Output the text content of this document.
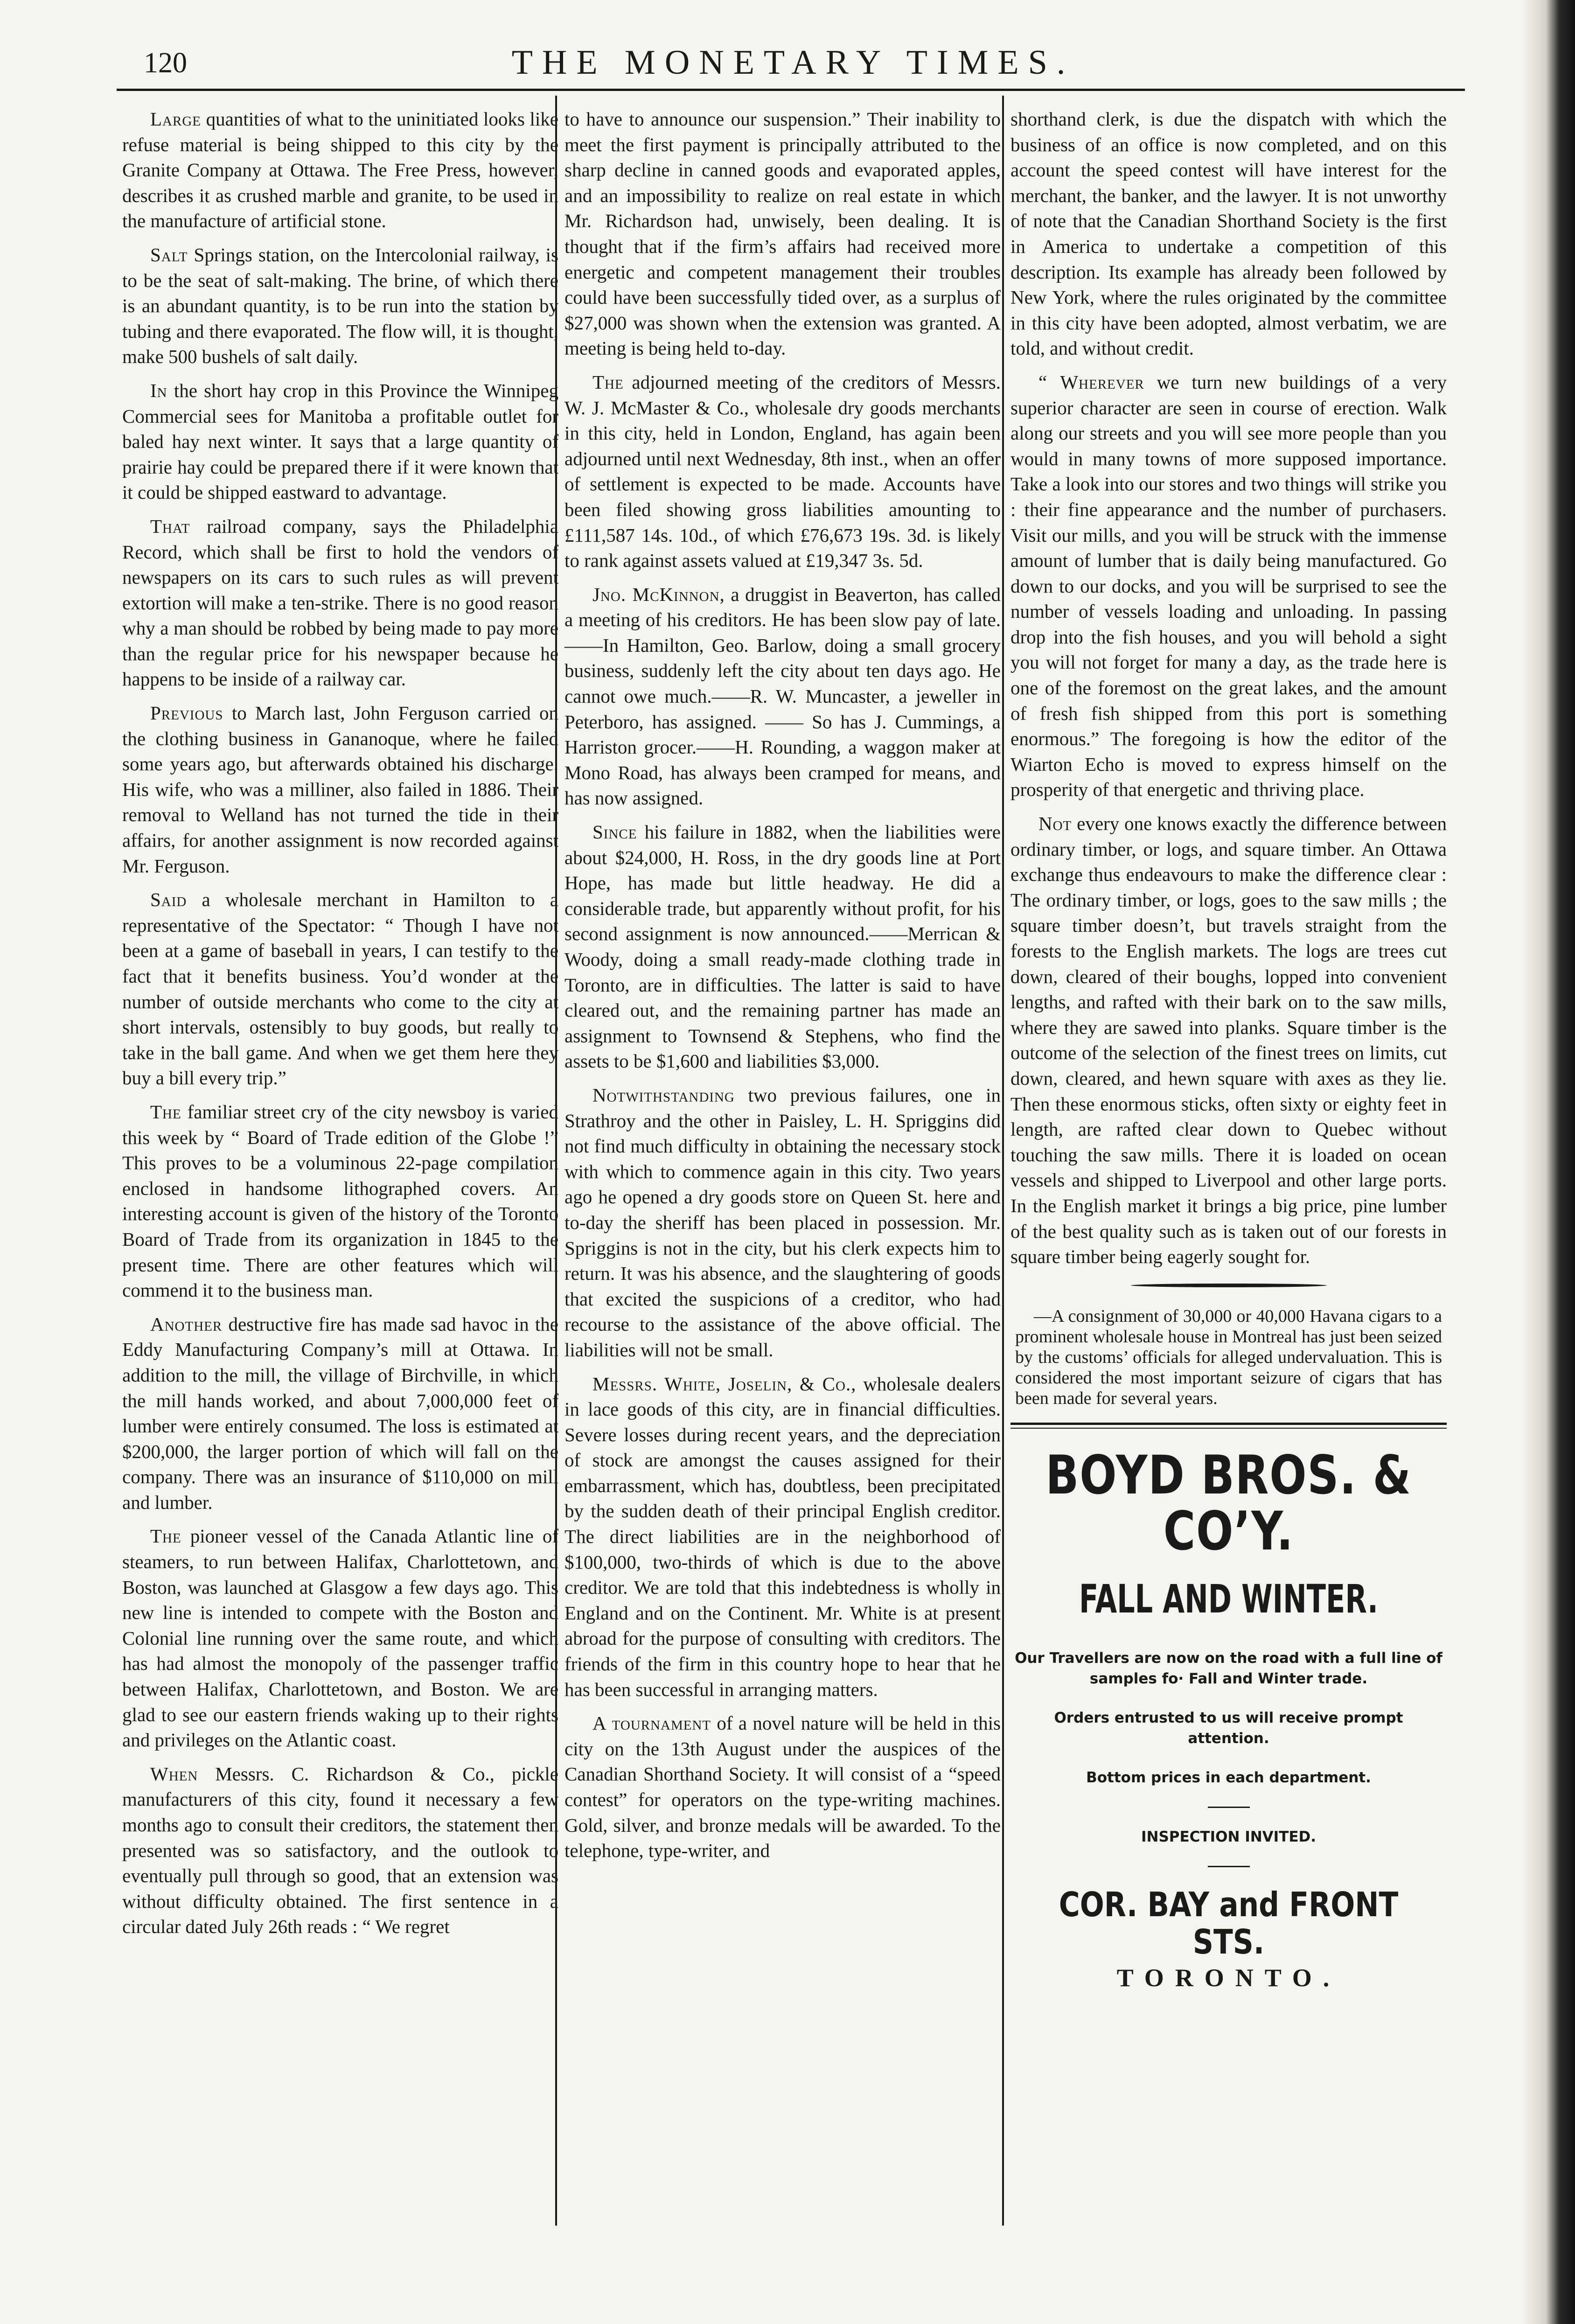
120	THE MONETARY TIMES.

Large quantities of what to the uninitiated looks like refuse material is being shipped to this city by the Granite Company at Ottawa. The Free Press, however, describes it as crushed marble and granite, to be used in the manufacture of artificial stone.

Salt Springs station, on the Intercolonial railway, is to be the seat of salt-making. The brine, of which there is an abundant quantity, is to be run into the station by tubing and there evaporated. The flow will, it is thought, make 500 bushels of salt daily.

In the short hay crop in this Province the Winnipeg Commercial sees for Manitoba a profitable outlet for baled hay next winter. It says that a large quantity of prairie hay could be prepared there if it were known that it could be shipped eastward to advantage.

That railroad company, says the Philadelphia Record, which shall be first to hold the vendors of newspapers on its cars to such rules as will prevent extortion will make a ten-strike. There is no good reason why a man should be robbed by being made to pay more than the regular price for his newspaper because he happens to be inside of a railway car.

Previous to March last, John Ferguson carried on the clothing business in Gananoque, where he failed some years ago, but afterwards obtained his discharge. His wife, who was a milliner, also failed in 1886. Their removal to Welland has not turned the tide in their affairs, for another assignment is now recorded against Mr. Ferguson.

Said a wholesale merchant in Hamilton to a representative of the Spectator: “ Though I have not been at a game of baseball in years, I can testify to the fact that it benefits business. You’d wonder at the number of outside merchants who come to the city at short intervals, ostensibly to buy goods, but really to take in the ball game. And when we get them here they buy a bill every trip.”

The familiar street cry of the city newsboy is varied this week by “ Board of Trade edition of the Globe !” This proves to be a voluminous 22-page compilation enclosed in handsome lithographed covers. An interesting account is given of the history of the Toronto Board of Trade from its organization in 1845 to the present time. There are other features which will commend it to the business man.

Another destructive fire has made sad havoc in the Eddy Manufacturing Company’s mill at Ottawa. In addition to the mill, the village of Birchville, in which the mill hands worked, and about 7,000,000 feet of lumber were entirely consumed. The loss is estimated at $200,000, the larger portion of which will fall on the company. There was an insurance of $110,000 on mill and lumber.

The pioneer vessel of the Canada Atlantic line of steamers, to run between Halifax, Charlottetown, and Boston, was launched at Glasgow a few days ago. This new line is intended to compete with the Boston and Colonial line running over the same route, and which has had almost the monopoly of the passenger traffic between Halifax, Charlottetown, and Boston. We are glad to see our eastern friends waking up to their rights and privileges on the Atlantic coast.

When Messrs. C. Richardson & Co., pickle manufacturers of this city, found it necessary a few months ago to consult their creditors, the statement then presented was so satisfactory, and the outlook to eventually pull through so good, that an extension was without difficulty obtained. The first sentence in a circular dated July 26th reads : “ We regret

to have to announce our suspension.” Their inability to meet the first payment is principally attributed to the sharp decline in canned goods and evaporated apples, and an impossibility to realize on real estate in which Mr. Richardson had, unwisely, been dealing. It is thought that if the firm’s affairs had received more energetic and competent management their troubles could have been successfully tided over, as a surplus of $27,000 was shown when the extension was granted. A meeting is being held to-day.

The adjourned meeting of the creditors of Messrs. W. J. McMaster & Co., wholesale dry goods merchants in this city, held in London, England, has again been adjourned until next Wednesday, 8th inst., when an offer of settlement is expected to be made. Accounts have been filed showing gross liabilities amounting to £111,587 14s. 10d., of which £76,673 19s. 3d. is likely to rank against assets valued at £19,347 3s. 5d.

Jno. McKinnon, a druggist in Beaverton, has called a meeting of his creditors. He has been slow pay of late.——In Hamilton, Geo. Barlow, doing a small grocery business, suddenly left the city about ten days ago. He cannot owe much.——R. W. Muncaster, a jeweller in Peterboro, has assigned. —— So has J. Cummings, a Harriston grocer.——H. Rounding, a waggon maker at Mono Road, has always been cramped for means, and has now assigned.

Since his failure in 1882, when the liabilities were about $24,000, H. Ross, in the dry goods line at Port Hope, has made but little headway. He did a considerable trade, but apparently without profit, for his second assignment is now announced.——Merrican & Woody, doing a small ready-made clothing trade in Toronto, are in difficulties. The latter is said to have cleared out, and the remaining partner has made an assignment to Townsend & Stephens, who find the assets to be $1,600 and liabilities $3,000.

Notwithstanding two previous failures, one in Strathroy and the other in Paisley, L. H. Spriggins did not find much difficulty in obtaining the necessary stock with which to commence again in this city. Two years ago he opened a dry goods store on Queen St. here and to-day the sheriff has been placed in possession. Mr. Spriggins is not in the city, but his clerk expects him to return. It was his absence, and the slaughtering of goods that excited the suspicions of a creditor, who had recourse to the assistance of the above official. The liabilities will not be small.

Messrs. White, Joselin, & Co., wholesale dealers in lace goods of this city, are in financial difficulties. Severe losses during recent years, and the depreciation of stock are amongst the causes assigned for their embarrassment, which has, doubtless, been precipitated by the sudden death of their principal English creditor. The direct liabilities are in the neighborhood of $100,000, two-thirds of which is due to the above creditor. We are told that this indebtedness is wholly in England and on the Continent. Mr. White is at present abroad for the purpose of consulting with creditors. The friends of the firm in this country hope to hear that he has been successful in arranging matters.

A tournament of a novel nature will be held in this city on the 13th August under the auspices of the Canadian Shorthand Society. It will consist of a “speed contest” for operators on the type-writing machines. Gold, silver, and bronze medals will be awarded. To the telephone, type-writer, and

shorthand clerk, is due the dispatch with which the business of an office is now completed, and on this account the speed contest will have interest for the merchant, the banker, and the lawyer. It is not unworthy of note that the Canadian Shorthand Society is the first in America to undertake a competition of this description. Its example has already been followed by New York, where the rules originated by the committee in this city have been adopted, almost verbatim, we are told, and without credit.

“ Wherever we turn new buildings of a very superior character are seen in course of erection. Walk along our streets and you will see more people than you would in many towns of more supposed importance. Take a look into our stores and two things will strike you : their fine appearance and the number of purchasers. Visit our mills, and you will be struck with the immense amount of lumber that is daily being manufactured. Go down to our docks, and you will be surprised to see the number of vessels loading and unloading. In passing drop into the fish houses, and you will behold a sight you will not forget for many a day, as the trade here is one of the foremost on the great lakes, and the amount of fresh fish shipped from this port is something enormous.” The foregoing is how the editor of the Wiarton Echo is moved to express himself on the prosperity of that energetic and thriving place.

Not every one knows exactly the difference between ordinary timber, or logs, and square timber. An Ottawa exchange thus endeavours to make the difference clear : The ordinary timber, or logs, goes to the saw mills ; the square timber doesn’t, but travels straight from the forests to the English markets. The logs are trees cut down, cleared of their boughs, lopped into convenient lengths, and rafted with their bark on to the saw mills, where they are sawed into planks. Square timber is the outcome of the selection of the finest trees on limits, cut down, cleared, and hewn square with axes as they lie. Then these enormous sticks, often sixty or eighty feet in length, are rafted clear down to Quebec without touching the saw mills. There it is loaded on ocean vessels and shipped to Liverpool and other large ports. In the English market it brings a big price, pine lumber of the best quality such as is taken out of our forests in square timber being eagerly sought for.

—A consignment of 30,000 or 40,000 Havana cigars to a prominent wholesale house in Montreal has just been seized by the customs’ officials for alleged undervaluation. This is considered the most important seizure of cigars that has been made for several years.

BOYD BROS. & CO’Y.
FALL AND WINTER.
Our Travellers are now on the road with a full line of samples fo· Fall and Winter trade.
Orders entrusted to us will receive prompt attention.
Bottom prices in each department.
INSPECTION INVITED.
COR. BAY and FRONT STS.
TORONTO.
